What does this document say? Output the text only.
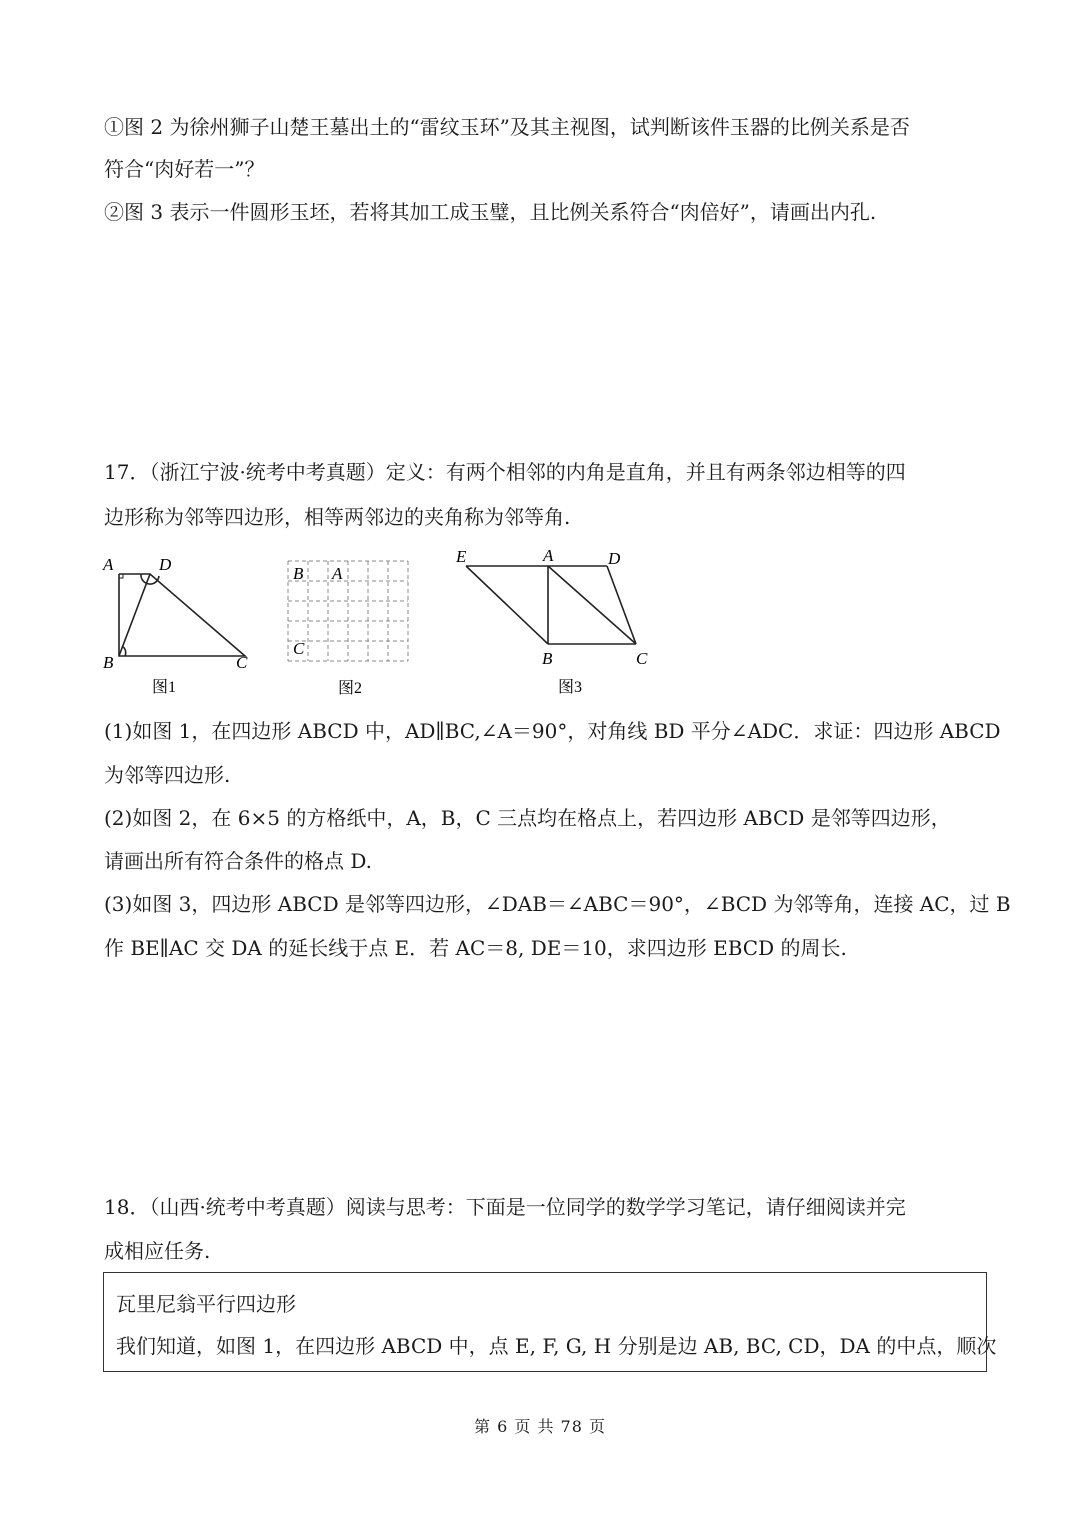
①图 2 为徐州狮子山楚王墓出土的“雷纹玉环”及其主视图，试判断该件玉器的比例关系是否
符合“肉好若一”？
②图 3 表示一件圆形玉坯，若将其加工成玉璧，且比例关系符合“肉倍好”，请画出内孔.
17．（浙江宁波·统考中考真题）定义：有两个相邻的内角是直角，并且有两条邻边相等的四
边形称为邻等四边形，相等两邻边的夹角称为邻等角.
A	D
B	C
图1
B A
C
图2
E	A	D
B	C
图3
(1)如图 1，在四边形 ABCD 中，AD∥BC,∠A＝90°，对角线 BD 平分∠ADC．求证：四边形 ABCD
为邻等四边形.
(2)如图 2，在 6×5 的方格纸中，A，B，C 三点均在格点上，若四边形 ABCD 是邻等四边形，
请画出所有符合条件的格点 D.
(3)如图 3，四边形 ABCD 是邻等四边形，∠DAB＝∠ABC＝90°，∠BCD 为邻等角，连接 AC，过 B
作 BE∥AC 交 DA 的延长线于点 E．若 AC＝8, DE＝10，求四边形 EBCD 的周长.
18．（山西·统考中考真题）阅读与思考：下面是一位同学的数学学习笔记，请仔细阅读并完
成相应任务.
瓦里尼翁平行四边形
我们知道，如图 1，在四边形 ABCD 中，点 E, F, G, H 分别是边 AB, BC, CD，DA 的中点，顺次
第 6 页 共 78 页
